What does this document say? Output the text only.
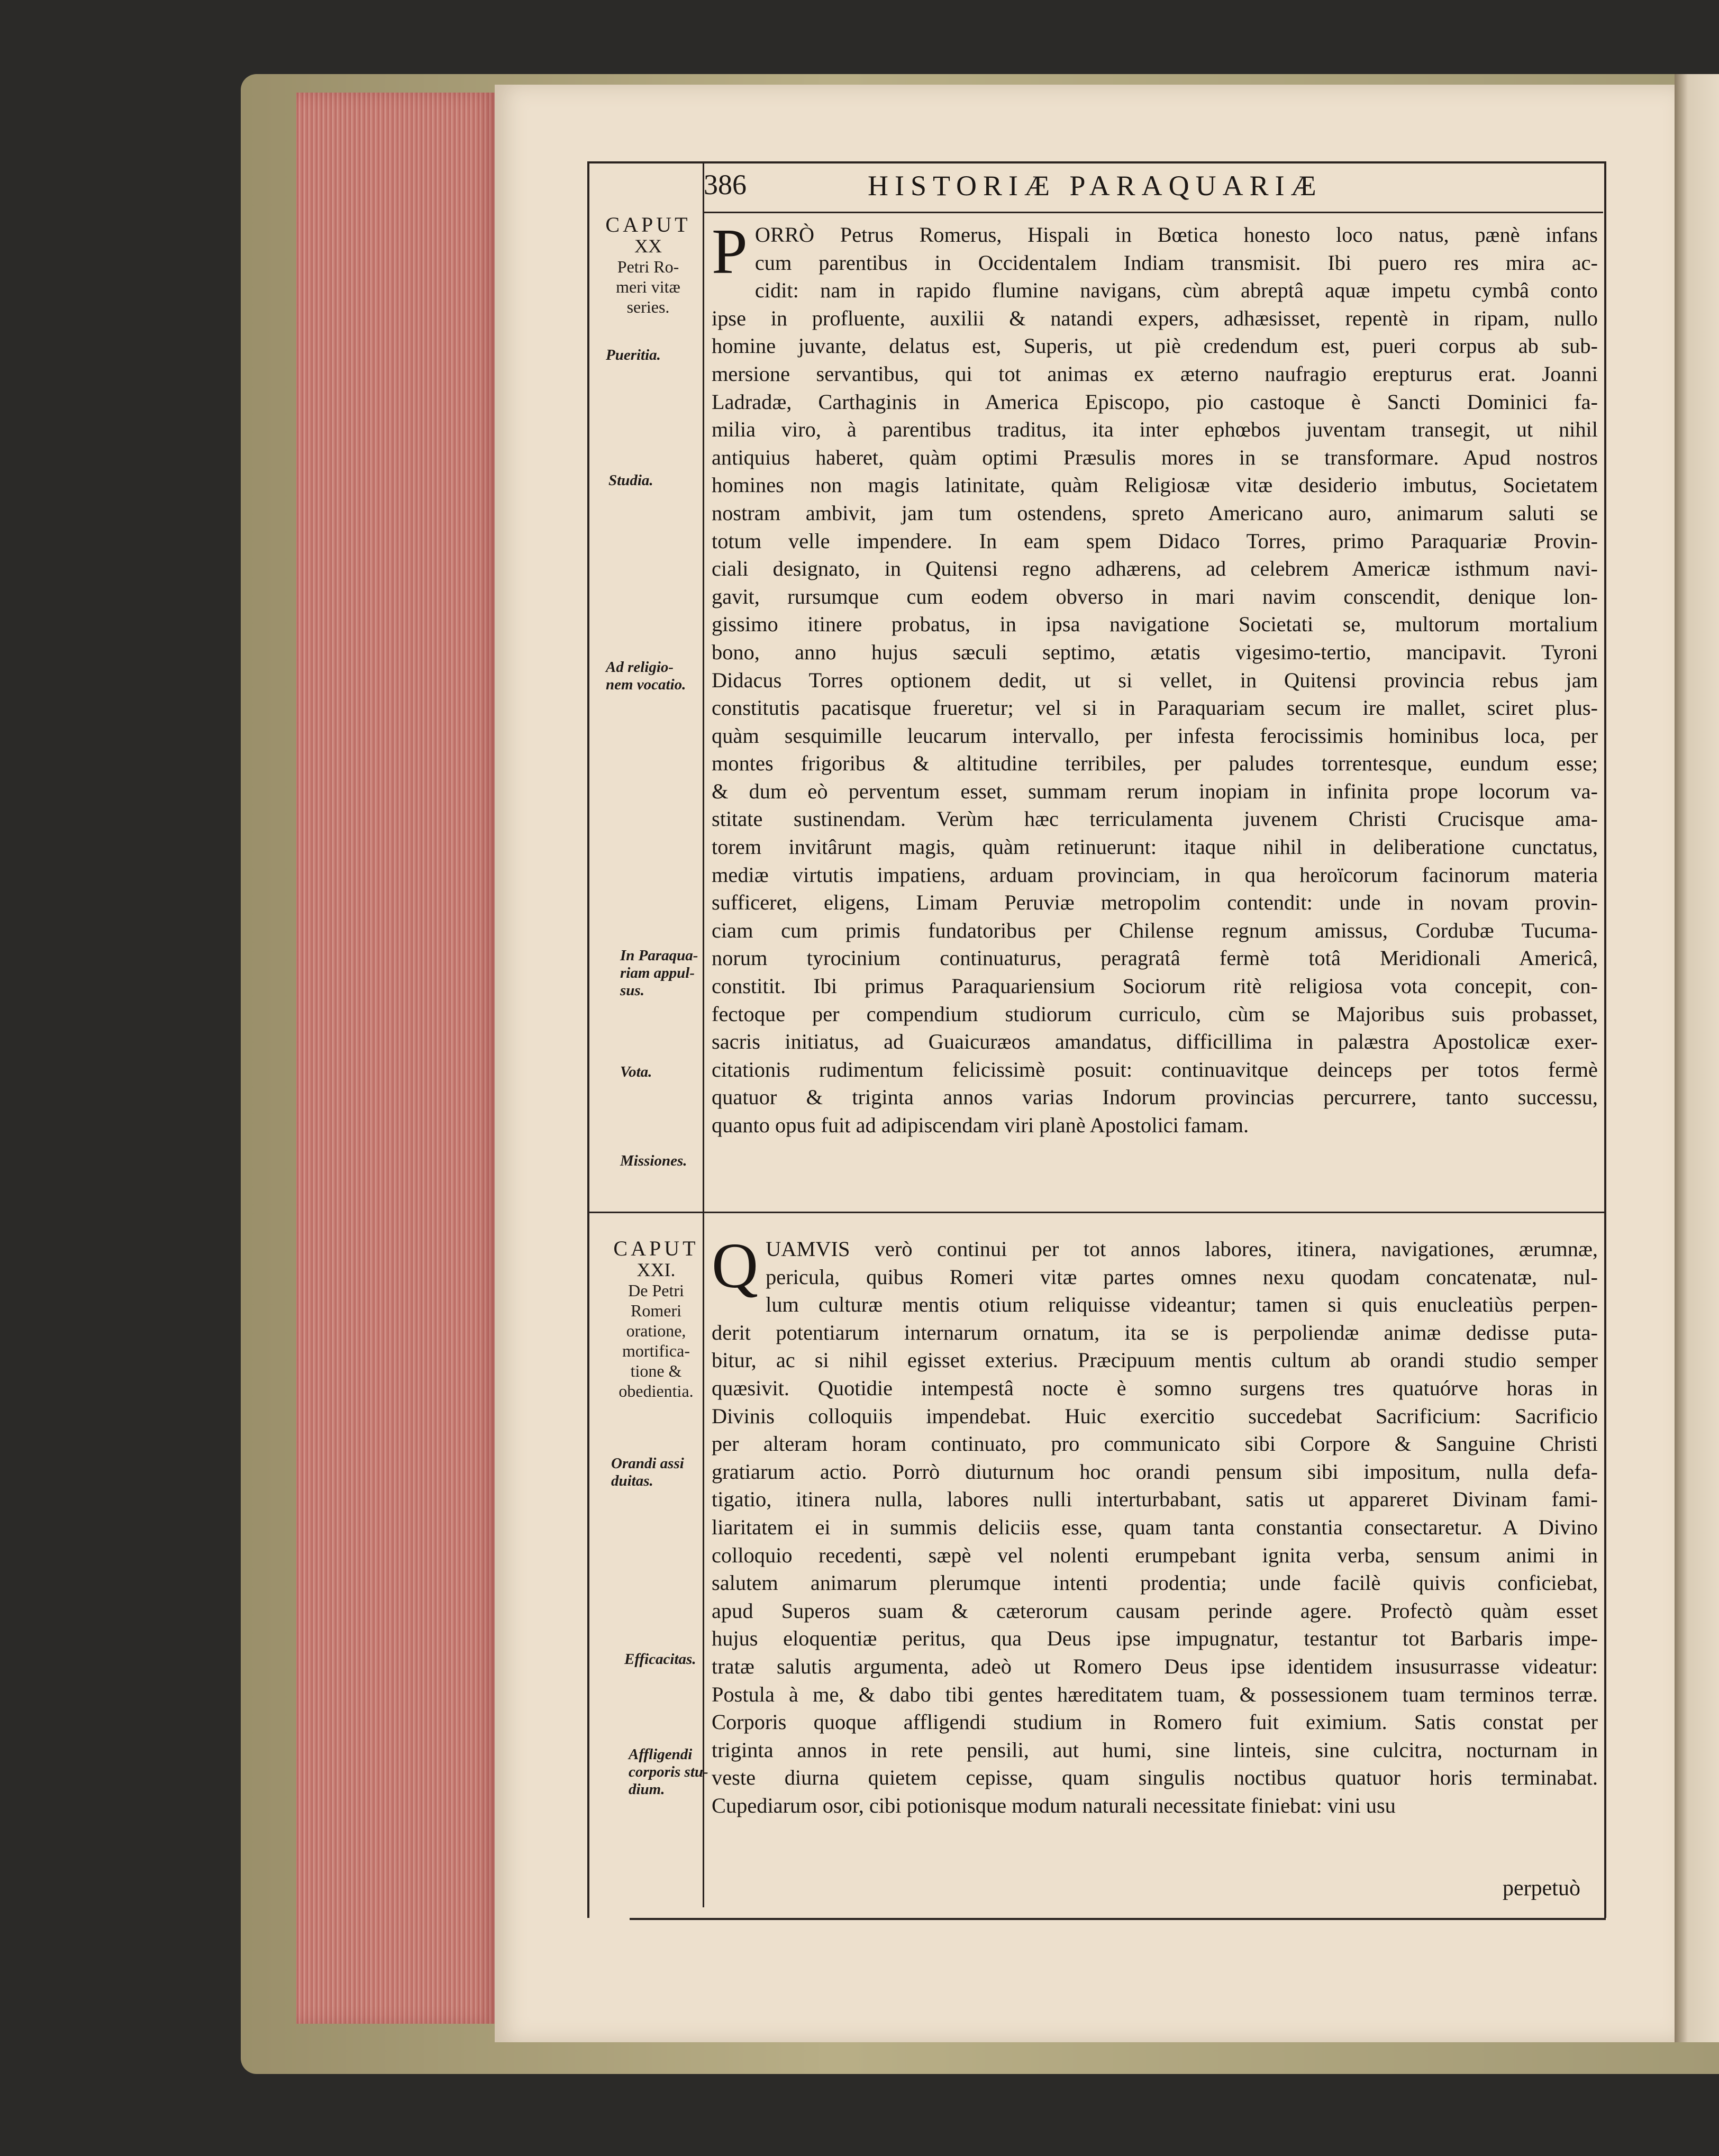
386	HISTORIÆ PARAQUARIÆ
CAPUT
XX
Petri Ro-
meri vitæ
series.
Pueritia.
Studia.
Ad religio-
nem vocatio.
In Paraqua-
riam appul-
sus.
Vota.
Missiones.
CAPUT
XXI.
De Petri
Romeri
oratione,
mortifica-
tione &
obedientia.
Orandi assi
duitas.
Efficacitas.
Affligendi
corporis stu-
dium.
P ORRÒ Petrus Romerus, Hispali in Bœtica honesto loco natus, pænè infans
cum parentibus in Occidentalem Indiam transmisit. Ibi puero res mira ac-
cidit: nam in rapido flumine navigans, cùm abreptâ aquæ impetu cymbâ conto
ipse in profluente, auxilii & natandi expers, adhæsisset, repentè in ripam, nullo
homine juvante, delatus est, Superis, ut piè credendum est, pueri corpus ab sub-
mersione servantibus, qui tot animas ex æterno naufragio erepturus erat. Joanni
Ladradæ, Carthaginis in America Episcopo, pio castoque è Sancti Dominici fa-
milia viro, à parentibus traditus, ita inter ephœbos juventam transegit, ut nihil
antiquius haberet, quàm optimi Præsulis mores in se transformare. Apud nostros
homines non magis latinitate, quàm Religiosæ vitæ desiderio imbutus, Societatem
nostram ambivit, jam tum ostendens, spreto Americano auro, animarum saluti se
totum velle impendere. In eam spem Didaco Torres, primo Paraquariæ Provin-
ciali designato, in Quitensi regno adhærens, ad celebrem Americæ isthmum navi-
gavit, rursumque cum eodem obverso in mari navim conscendit, denique lon-
gissimo itinere probatus, in ipsa navigatione Societati se, multorum mortalium
bono, anno hujus sæculi septimo, ætatis vigesimo-tertio, mancipavit. Tyroni
Didacus Torres optionem dedit, ut si vellet, in Quitensi provincia rebus jam
constitutis pacatisque frueretur; vel si in Paraquariam secum ire mallet, sciret plus-
quàm sesquimille leucarum intervallo, per infesta ferocissimis hominibus loca, per
montes frigoribus & altitudine terribiles, per paludes torrentesque, eundum esse;
& dum eò perventum esset, summam rerum inopiam in infinita prope locorum va-
stitate sustinendam. Verùm hæc terriculamenta juvenem Christi Crucisque ama-
torem invitârunt magis, quàm retinuerunt: itaque nihil in deliberatione cunctatus,
mediæ virtutis impatiens, arduam provinciam, in qua heroïcorum facinorum materia
sufficeret, eligens, Limam Peruviæ metropolim contendit: unde in novam provin-
ciam cum primis fundatoribus per Chilense regnum amissus, Cordubæ Tucuma-
norum tyrocinium continuaturus, peragratâ fermè totâ Meridionali Americâ,
constitit. Ibi primus Paraquariensium Sociorum ritè religiosa vota concepit, con-
fectoque per compendium studiorum curriculo, cùm se Majoribus suis probasset,
sacris initiatus, ad Guaicuræos amandatus, difficillima in palæstra Apostolicæ exer-
citationis rudimentum felicissimè posuit: continuavitque deinceps per totos fermè
quatuor & triginta annos varias Indorum provincias percurrere, tanto successu,
quanto opus fuit ad adipiscendam viri planè Apostolici famam.
Q UAMVIS verò continui per tot annos labores, itinera, navigationes, ærumnæ,
pericula, quibus Romeri vitæ partes omnes nexu quodam concatenatæ, nul-
lum culturæ mentis otium reliquisse videantur; tamen si quis enucleatiùs perpen-
derit potentiarum internarum ornatum, ita se is perpoliendæ animæ dedisse puta-
bitur, ac si nihil egisset exterius. Præcipuum mentis cultum ab orandi studio semper
quæsivit. Quotidie intempestâ nocte è somno surgens tres quatuórve horas in
Divinis colloquiis impendebat. Huic exercitio succedebat Sacrificium: Sacrificio
per alteram horam continuato, pro communicato sibi Corpore & Sanguine Christi
gratiarum actio. Porrò diuturnum hoc orandi pensum sibi impositum, nulla defa-
tigatio, itinera nulla, labores nulli interturbabant, satis ut appareret Divinam fami-
liaritatem ei in summis deliciis esse, quam tanta constantia consectaretur. A Divino
colloquio recedenti, sæpè vel nolenti erumpebant ignita verba, sensum animi in
salutem animarum plerumque intenti prodentia; unde facilè quivis conficiebat,
apud Superos suam & cæterorum causam perinde agere. Profectò quàm esset
hujus eloquentiæ peritus, qua Deus ipse impugnatur, testantur tot Barbaris impe-
tratæ salutis argumenta, adeò ut Romero Deus ipse identidem insusurrasse videatur:
Postula à me, & dabo tibi gentes hæreditatem tuam, & possessionem tuam terminos terræ.
Corporis quoque affligendi studium in Romero fuit eximium. Satis constat per
triginta annos in rete pensili, aut humi, sine linteis, sine culcitra, nocturnam in
veste diurna quietem cepisse, quam singulis noctibus quatuor horis terminabat.
Cupediarum osor, cibi potionisque modum naturali necessitate finiebat: vini usu
perpetuò
